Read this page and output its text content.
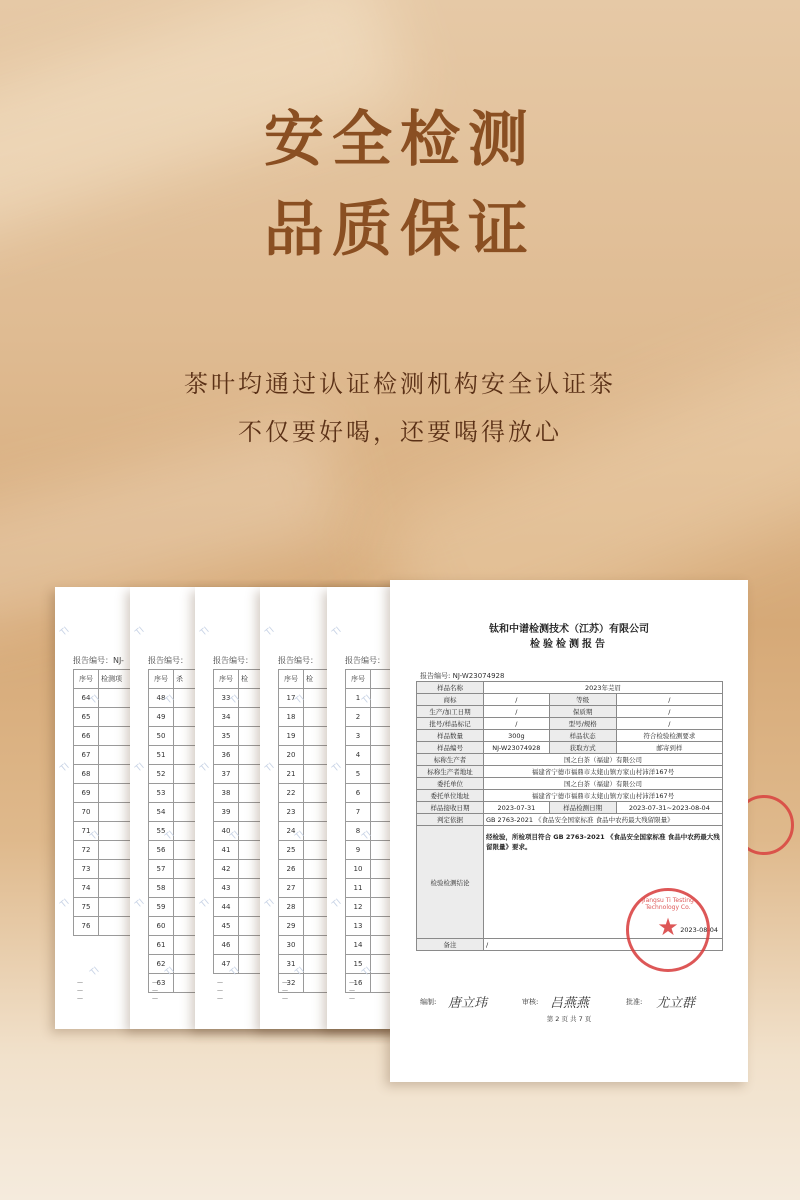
安全检测
品质保证
茶叶均通过认证检测机构安全认证茶
不仅要好喝，还要喝得放心
报告编号：NJ-
序号	检测项
64	
65	
66	
67	
68	
69	
70	
71	
72	
73	
74	
75	
76	
TI
TI
TI
TI
TI
TI
—
—
—
报告编号：
序号	杀
48	
49	
50	
51	
52	
53	
54	
55	
56	
57	
58	
59	
60	
61	
62	
63	
TI
TI
TI
TI
TI
TI
—
—
—
报告编号：
序号	检
33	
34	
35	
36	
37	
38	
39	
40	
41	
42	
43	
44	
45	
46	
47	
TI
TI
TI
TI
TI
TI
—
—
—
报告编号：
序号	检
17	
18	
19	
20	
21	
22	
23	
24	
25	
26	
27	
28	
29	
30	
31	
32	
TI
TI
TI
TI
TI
TI
—
—
—
报告编号：
序号	
1	
2	
3	
4	
5	
6	
7	
8	
9	
10	
11	
12	
13	
14	
15	
16	
TI
TI
TI
TI
TI
TI
—
—
—
钛和中谱检测技术（江苏）有限公司
检验检测报告
报告编号: NJ-W23074928
样品名称	2023年芫眉		
商标	/	等级	/
生产/加工日期	/	保质期	/
批号/样品标记	/	型号/规格	/
样品数量	300g	样品状态	符合检验检测要求
样品编号	NJ-W23074928	获取方式	邮寄到样
标称生产者	国之白茶（福建）有限公司		
标称生产者地址	福建省宁德市福鼎市太姥山镇方家山村沛洋167号		
委托单位	国之白茶（福建）有限公司		
委托单位地址	福建省宁德市福鼎市太姥山镇方家山村沛洋167号		
样品接收日期	2023-07-31	样品检测日期	2023-07-31~2023-08-04
判定依据	GB 2763-2021 《食品安全国家标准 食品中农药最大残留限量》		
检验检测结论	经检验，所检项目符合 GB 2763-2021 《食品安全国家标准 食品中农药最大残留限量》要求。
2023-08-04		

备注	/		
Jiangsu Ti Testing Technology Co.
★
编制: 唐立玮	审核: 吕燕燕	批准: 尤立群
第 2 页 共 7 页
